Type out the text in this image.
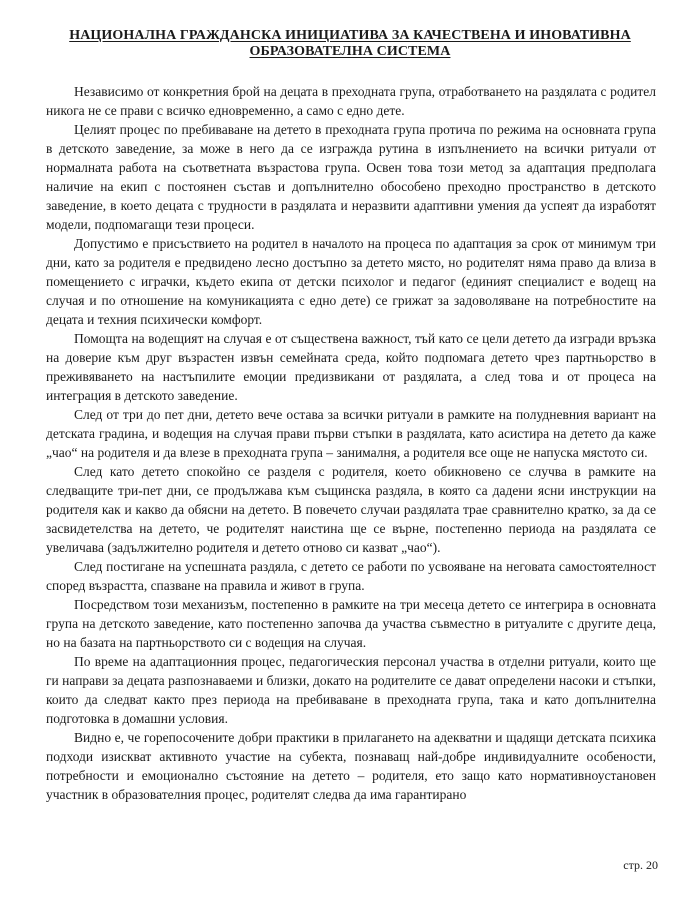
НАЦИОНАЛНА ГРАЖДАНСКА ИНИЦИАТИВА ЗА КАЧЕСТВЕНА И ИНОВАТИВНА
ОБРАЗОВАТЕЛНА СИСТЕМА

Независимо от конкретния брой на децата в преходната група, отработването на раздялата с родител никога не се прави с всичко едновременно, а само с едно дете.

Целият процес по пребиваване на детето в преходната група протича по режима на основната група в детското заведение, за може в него да се изгражда рутина в изпълнението на всички ритуали от нормалната работа на съответната възрастова група. Освен това този метод за адаптация предполага наличие на екип с постоянен състав и допълнително обособено преходно пространство в детското заведение, в което децата с трудности в раздялата и неразвити адаптивни умения да успеят да изработят модели, подпомагащи тези процеси.

Допустимо е присъствието на родител в началото на процеса по адаптация за срок от минимум три дни, като за родителя е предвидено лесно достъпно за детето място, но родителят няма право да влиза в помещението с играчки, където екипа от детски психолог и педагог (единият специалист е водещ на случая и по отношение на комуникацията с едно дете) се грижат за задоволяване на потребностите на децата и техния психически комфорт.

Помощта на водещият на случая е от съществена важност, тъй като се цели детето да изгради връзка на доверие към друг възрастен извън семейната среда, който подпомага детето чрез партньорство в преживяването на настъпилите емоции предизвикани от раздялата, а след това и от процеса на интеграция в детското заведение.

След от три до пет дни, детето вече остава за всички ритуали в рамките на полудневния вариант на детската градина, и водещия на случая прави първи стъпки в раздялата, като асистира на детето да каже „чао“ на родителя и да влезе в преходната група – занималня, а родителя все още не напуска мястото си.

След като детето спокойно се разделя с родителя, което обикновено се случва в рамките на следващите три-пет дни, се продължава към същинска раздяла, в която са дадени ясни инструкции на родителя как и какво да обясни на детето. В повечето случаи раздялата трае сравнително кратко, за да се засвидетелства на детето, че родителят наистина ще се върне, постепенно периода на раздялата се увеличава (задължително родителя и детето отново си казват „чао“).

След постигане на успешната раздяла, с детето се работи по усвояване на неговата самостоятелност според възрастта, спазване на правила и живот в група.

Посредством този механизъм, постепенно в рамките на три месеца детето се интегрира в основната група на детското заведение, като постепенно започва да участва съвместно в ритуалите с другите деца, но на базата на партньорството си с водещия на случая.

По време на адаптационния процес, педагогическия персонал участва в отделни ритуали, които ще ги направи за децата разпознаваеми и близки, докато на родителите се дават определени насоки и стъпки, които да следват както през периода на пребиваване в преходната група, така и като допълнителна подготовка в домашни условия.

Видно е, че горепосочените добри практики в прилагането на адекватни и щадящи детската психика подходи изискват активното участие на субекта, познаващ най-добре индивидуалните особености, потребности и емоционално състояние на детето – родителя, ето защо като нормативноустановен участник в образователния процес, родителят следва да има гарантирано

стр. 20
